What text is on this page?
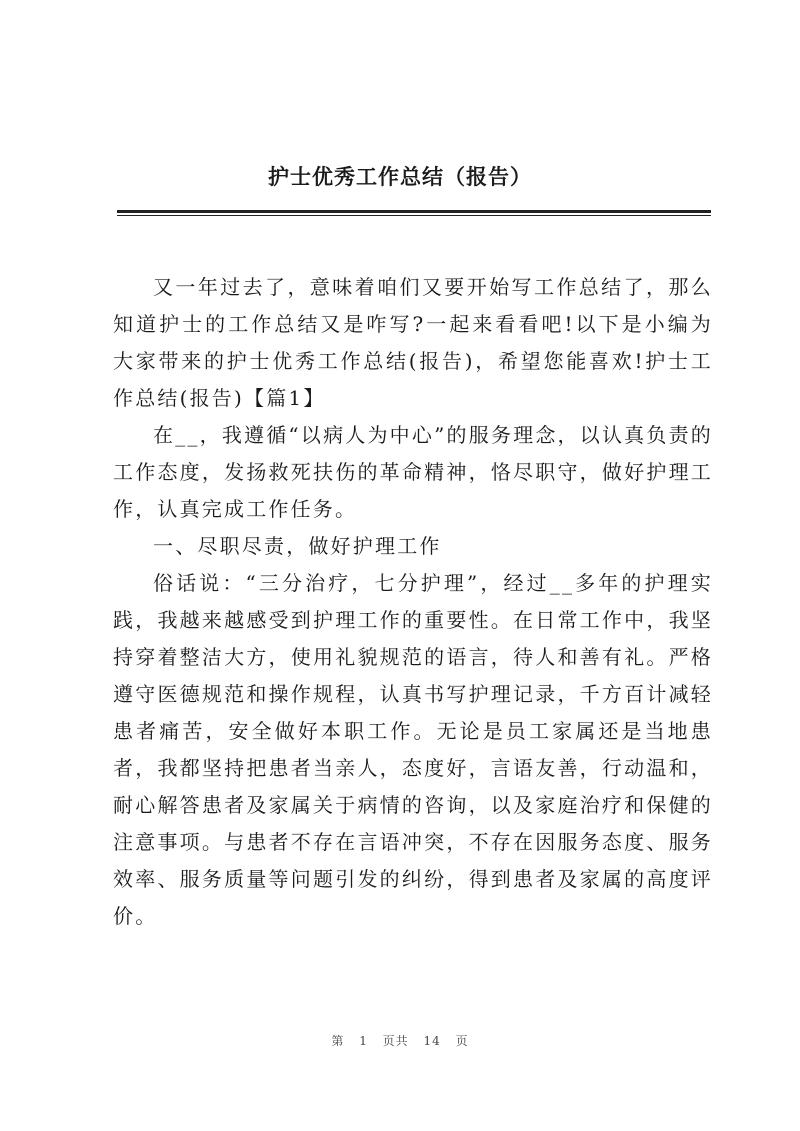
护士优秀工作总结（报告）

又一年过去了，意味着咱们又要开始写工作总结了，那么知道护士的工作总结又是咋写?一起来看看吧!以下是小编为大家带来的护士优秀工作总结(报告)，希望您能喜欢!护士工作总结(报告)【篇1】

在__，我遵循“以病人为中心”的服务理念，以认真负责的工作态度，发扬救死扶伤的革命精神，恪尽职守，做好护理工作，认真完成工作任务。

一、尽职尽责，做好护理工作

俗话说：“三分治疗，七分护理”，经过__多年的护理实践，我越来越感受到护理工作的重要性。在日常工作中，我坚持穿着整洁大方，使用礼貌规范的语言，待人和善有礼。严格遵守医德规范和操作规程，认真书写护理记录，千方百计减轻患者痛苦，安全做好本职工作。无论是员工家属还是当地患者，我都坚持把患者当亲人，态度好，言语友善，行动温和，耐心解答患者及家属关于病情的咨询，以及家庭治疗和保健的注意事项。与患者不存在言语冲突，不存在因服务态度、服务效率、服务质量等问题引发的纠纷，得到患者及家属的高度评价。

第 1 页共 14 页
